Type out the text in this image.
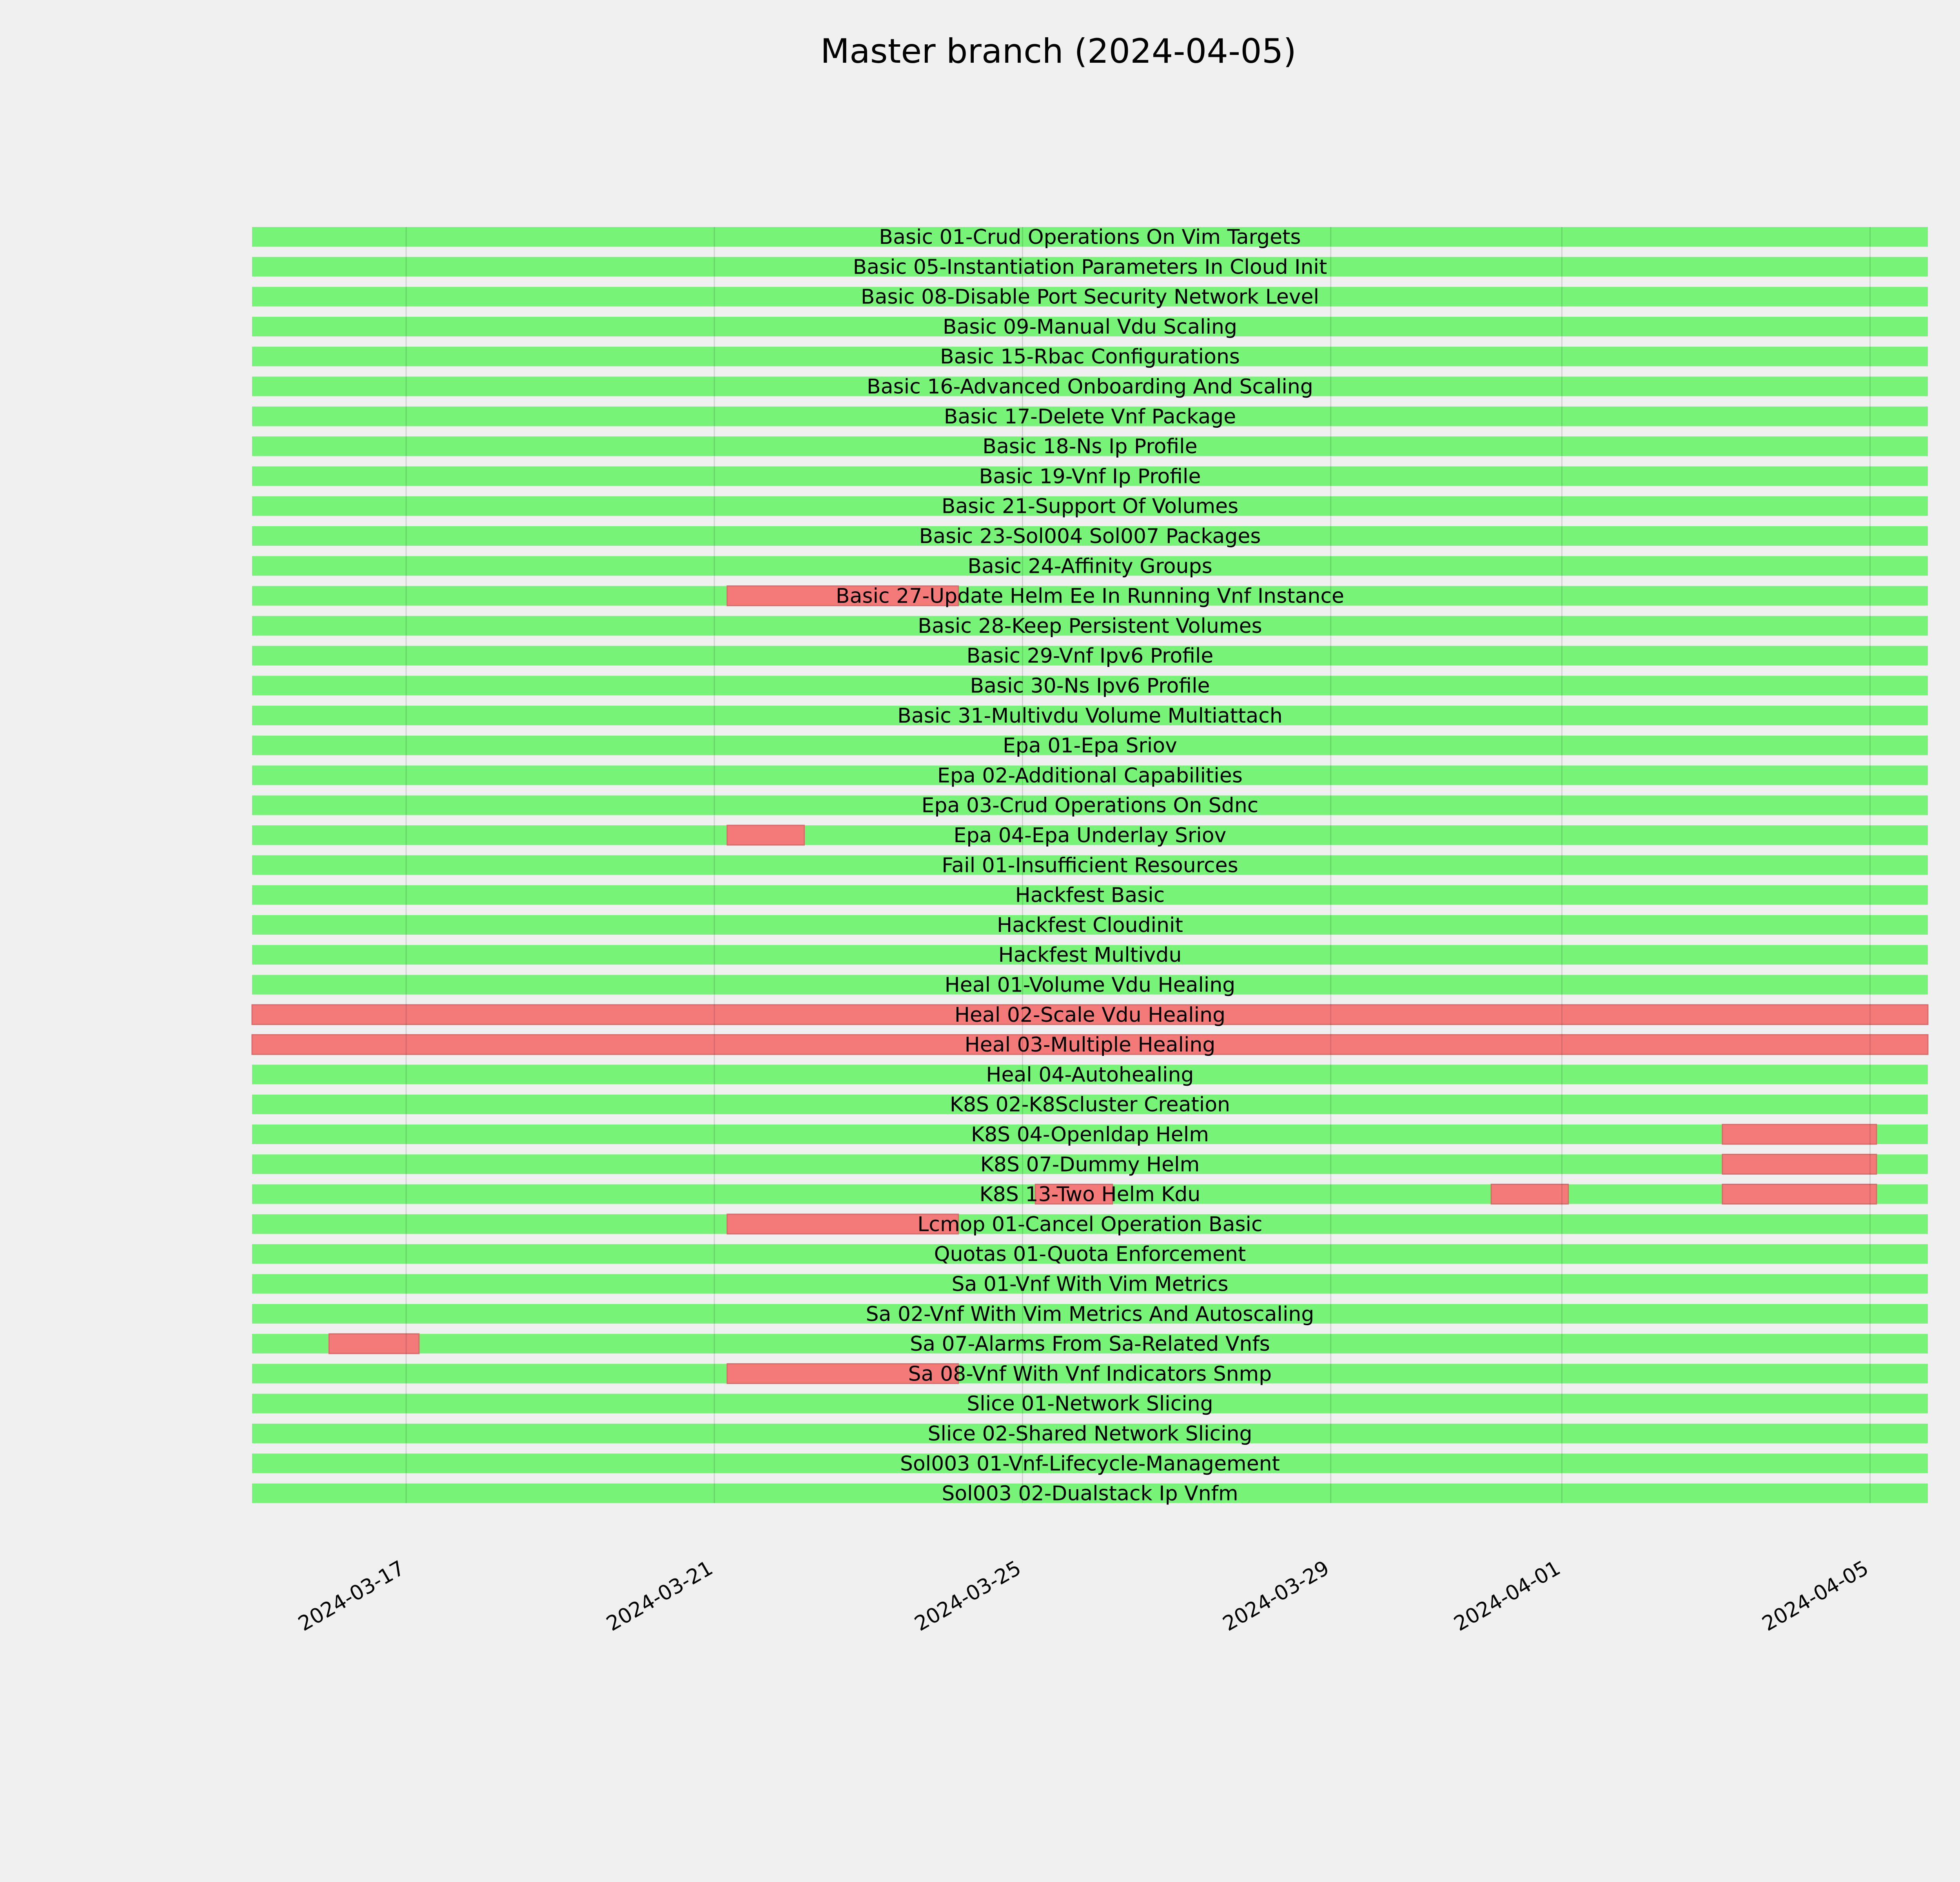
Master branch (2024-04-05)
Basic 01-Crud Operations On Vim Targets
Basic 05-Instantiation Parameters In Cloud Init
Basic 08-Disable Port Security Network Level
Basic 09-Manual Vdu Scaling
Basic 15-Rbac Configurations
Basic 16-Advanced Onboarding And Scaling
Basic 17-Delete Vnf Package
Basic 18-Ns Ip Profile
Basic 19-Vnf Ip Profile
Basic 21-Support Of Volumes
Basic 23-Sol004 Sol007 Packages
Basic 24-Affinity Groups
Basic 27-Update Helm Ee In Running Vnf Instance
Basic 28-Keep Persistent Volumes
Basic 29-Vnf Ipv6 Profile
Basic 30-Ns Ipv6 Profile
Basic 31-Multivdu Volume Multiattach
Epa 01-Epa Sriov
Epa 02-Additional Capabilities
Epa 03-Crud Operations On Sdnc
Epa 04-Epa Underlay Sriov
Fail 01-Insufficient Resources
Hackfest Basic
Hackfest Cloudinit
Hackfest Multivdu
Heal 01-Volume Vdu Healing
Heal 02-Scale Vdu Healing
Heal 03-Multiple Healing
Heal 04-Autohealing
K8S 02-K8Scluster Creation
K8S 04-Openldap Helm
K8S 07-Dummy Helm
K8S 13-Two Helm Kdu
Lcmop 01-Cancel Operation Basic
Quotas 01-Quota Enforcement
Sa 01-Vnf With Vim Metrics
Sa 02-Vnf With Vim Metrics And Autoscaling
Sa 07-Alarms From Sa-Related Vnfs
Sa 08-Vnf With Vnf Indicators Snmp
Slice 01-Network Slicing
Slice 02-Shared Network Slicing
Sol003 01-Vnf-Lifecycle-Management
Sol003 02-Dualstack Ip Vnfm
2024-03-17	2024-03-21	2024-03-25	2024-03-29	2024-04-01	2024-04-05
